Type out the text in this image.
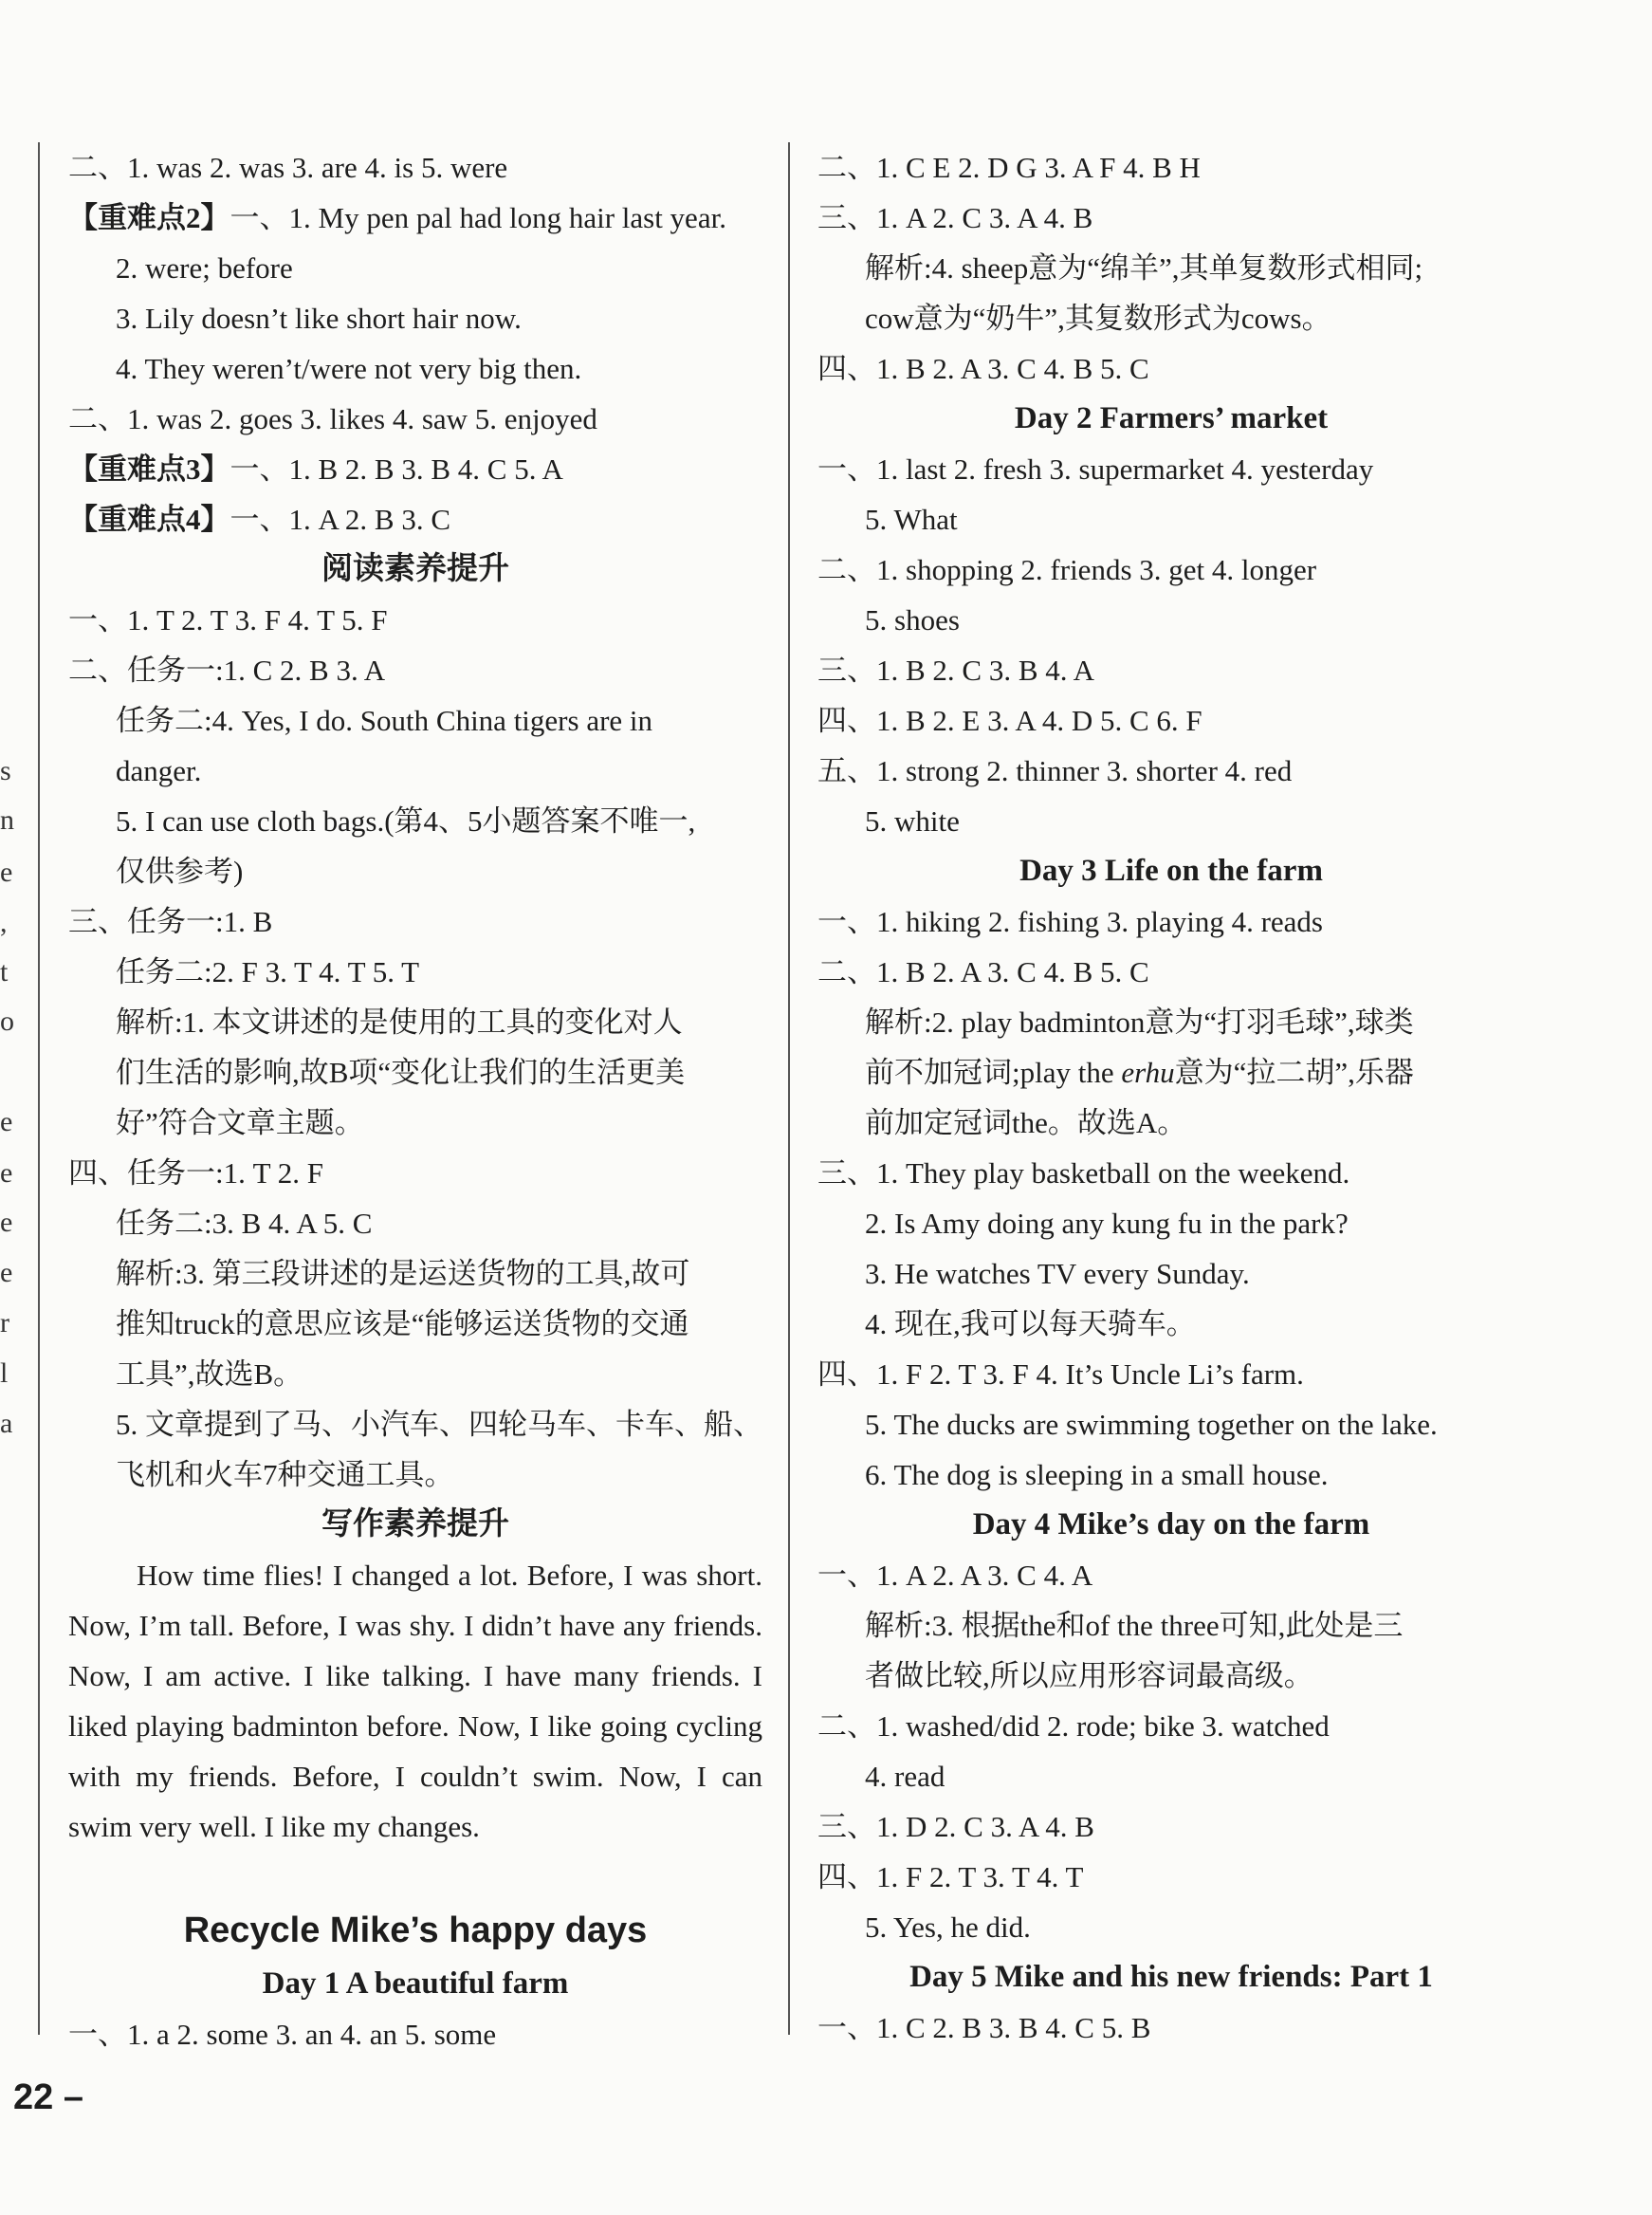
s
n
e
,
t
o
e
e
e
e
r
l
a
二、1. was 2. was 3. are 4. is 5. were
【重难点2】一、1. My pen pal had long hair last year.
2. were; before
3. Lily doesn’t like short hair now.
4. They weren’t/were not very big then.
二、1. was 2. goes 3. likes 4. saw 5. enjoyed
【重难点3】一、1. B 2. B 3. B 4. C 5. A
【重难点4】一、1. A 2. B 3. C
阅读素养提升
一、1. T 2. T 3. F 4. T 5. F
二、任务一:1. C 2. B 3. A
任务二:4. Yes, I do. South China tigers are in
danger.
5. I can use cloth bags.(第4、5小题答案不唯一,
仅供参考)
三、任务一:1. B
任务二:2. F 3. T 4. T 5. T
解析:1. 本文讲述的是使用的工具的变化对人
们生活的影响,故B项“变化让我们的生活更美
好”符合文章主题。
四、任务一:1. T 2. F
任务二:3. B 4. A 5. C
解析:3. 第三段讲述的是运送货物的工具,故可
推知truck的意思应该是“能够运送货物的交通
工具”,故选B。
5. 文章提到了马、小汽车、四轮马车、卡车、船、
飞机和火车7种交通工具。
写作素养提升
How time flies! I changed a lot. Before, I was short. Now, I’m tall. Before, I was shy. I didn’t have any friends. Now, I am active. I like talking. I have many friends. I liked playing badminton before. Now, I like going cycling with my friends. Before, I couldn’t swim. Now, I can swim very well. I like my changes.
Recycle Mike’s happy days
Day 1 A beautiful farm
一、1. a 2. some 3. an 4. an 5. some
二、1. C E 2. D G 3. A F 4. B H
三、1. A 2. C 3. A 4. B
解析:4. sheep意为“绵羊”,其单复数形式相同;
cow意为“奶牛”,其复数形式为cows。
四、1. B 2. A 3. C 4. B 5. C
Day 2 Farmers’ market
一、1. last 2. fresh 3. supermarket 4. yesterday
5. What
二、1. shopping 2. friends 3. get 4. longer
5. shoes
三、1. B 2. C 3. B 4. A
四、1. B 2. E 3. A 4. D 5. C 6. F
五、1. strong 2. thinner 3. shorter 4. red
5. white
Day 3 Life on the farm
一、1. hiking 2. fishing 3. playing 4. reads
二、1. B 2. A 3. C 4. B 5. C
解析:2. play badminton意为“打羽毛球”,球类
前不加冠词;play the erhu意为“拉二胡”,乐器
前加定冠词the。故选A。
三、1. They play basketball on the weekend.
2. Is Amy doing any kung fu in the park?
3. He watches TV every Sunday.
4. 现在,我可以每天骑车。
四、1. F 2. T 3. F 4. It’s Uncle Li’s farm.
5. The ducks are swimming together on the lake.
6. The dog is sleeping in a small house.
Day 4 Mike’s day on the farm
一、1. A 2. A 3. C 4. A
解析:3. 根据the和of the three可知,此处是三
者做比较,所以应用形容词最高级。
二、1. washed/did 2. rode; bike 3. watched
4. read
三、1. D 2. C 3. A 4. B
四、1. F 2. T 3. T 4. T
5. Yes, he did.
Day 5 Mike and his new friends: Part 1
一、1. C 2. B 3. B 4. C 5. B
22 –
